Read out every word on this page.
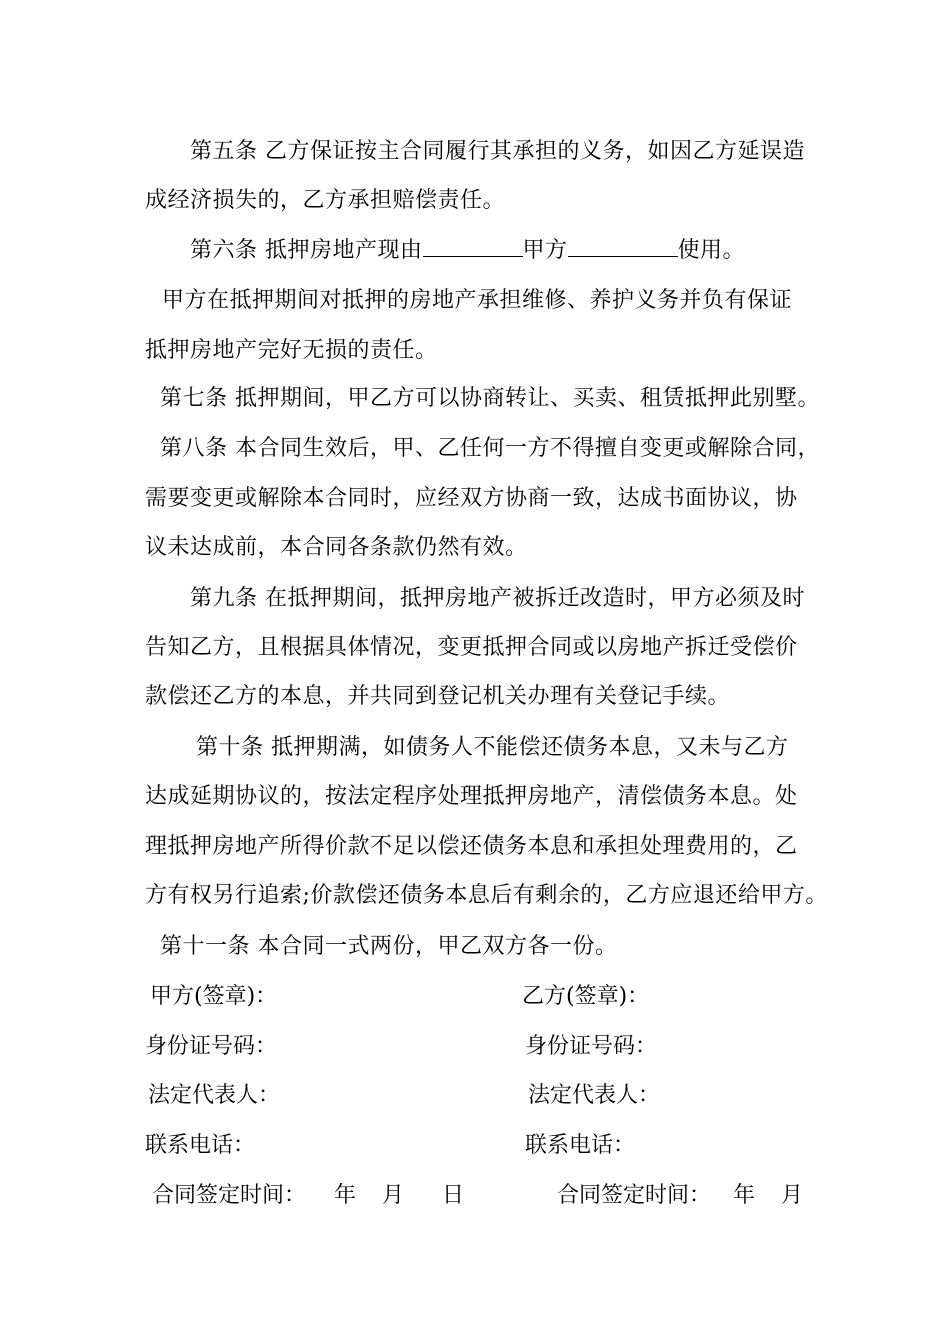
第五条 乙方保证按主合同履行其承担的义务，如因乙方延误造
成经济损失的，乙方承担赔偿责任。
第六条 抵押房地产现由	甲方	使用。
甲方在抵押期间对抵押的房地产承担维修、养护义务并负有保证
抵押房地产完好无损的责任。
第七条 抵押期间，甲乙方可以协商转让、买卖、租赁抵押此别墅。
第八条 本合同生效后，甲、乙任何一方不得擅自变更或解除合同，
需要变更或解除本合同时，应经双方协商一致，达成书面协议，协
议未达成前，本合同各条款仍然有效。
第九条 在抵押期间，抵押房地产被拆迁改造时，甲方必须及时
告知乙方，且根据具体情况，变更抵押合同或以房地产拆迁受偿价
款偿还乙方的本息，并共同到登记机关办理有关登记手续。
第十条 抵押期满，如债务人不能偿还债务本息，又未与乙方
达成延期协议的，按法定程序处理抵押房地产，清偿债务本息。处
理抵押房地产所得价款不足以偿还债务本息和承担处理费用的，乙
方有权另行追索;价款偿还债务本息后有剩余的，乙方应退还给甲方。
第十一条 本合同一式两份，甲乙双方各一份。
甲方(签章)：	乙方(签章)：
身份证号码：	身份证号码：
法定代表人：	法定代表人：
联系电话：	联系电话：
合同签定时间： 年 月 日	合同签定时间： 年 月
